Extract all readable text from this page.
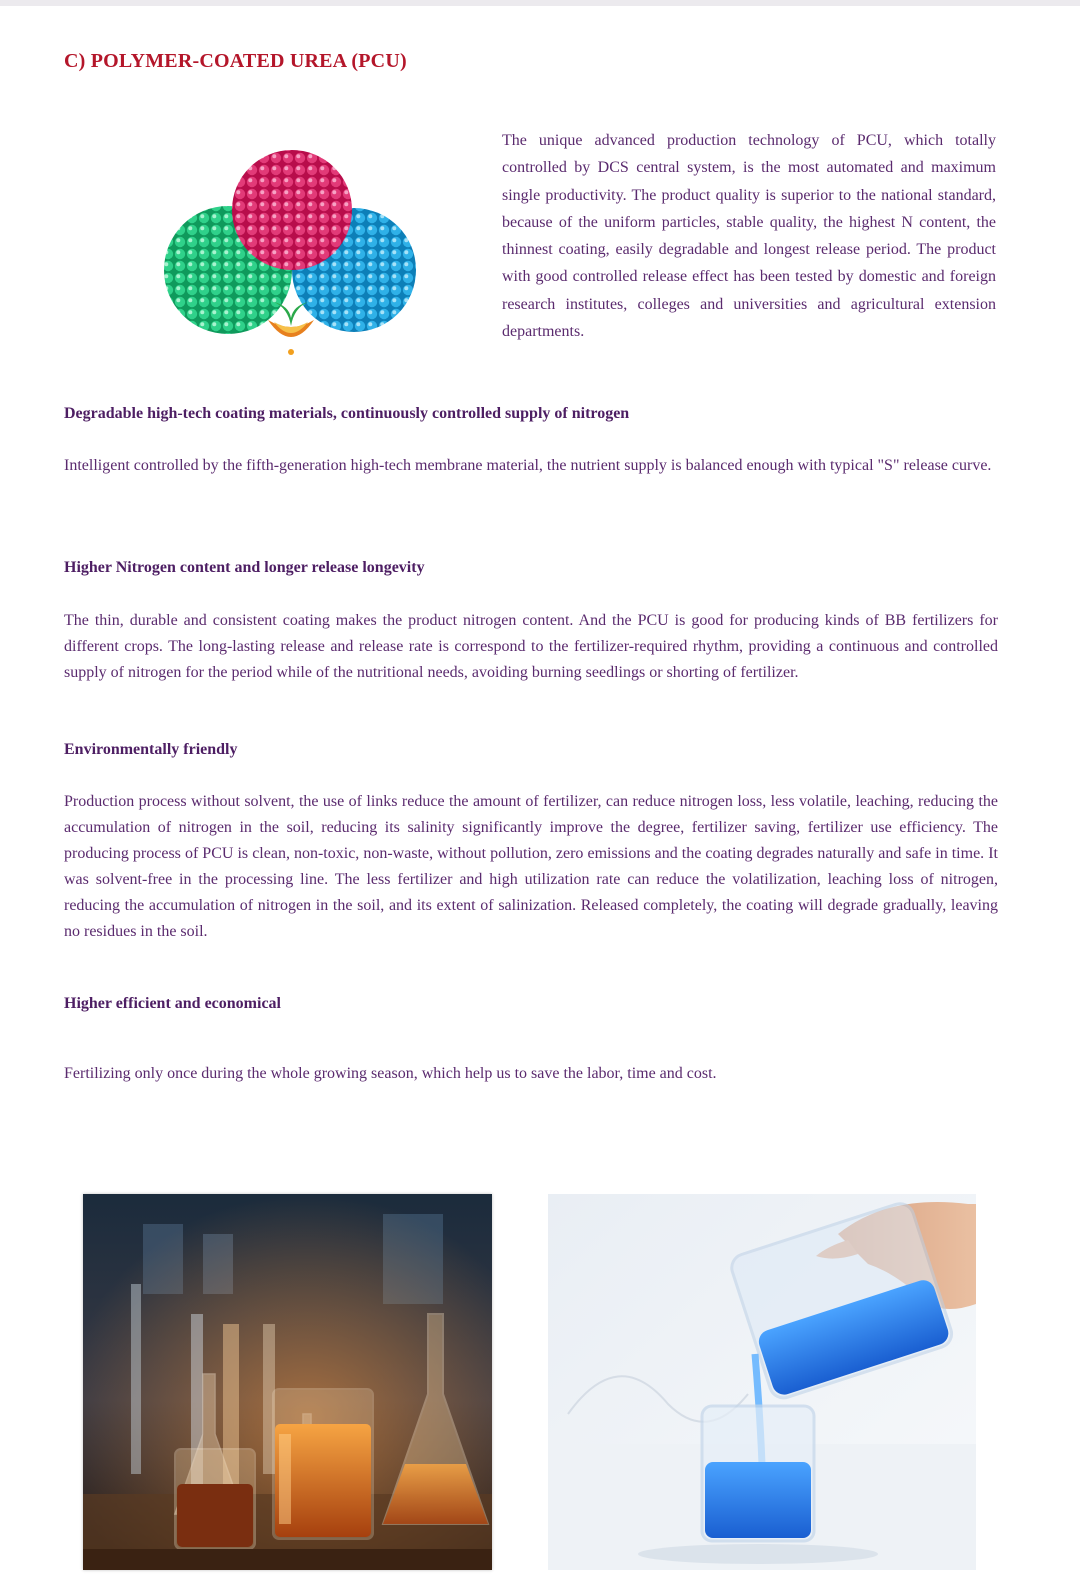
C) POLYMER-COATED UREA (PCU)

The unique advanced production technology of PCU, which totally controlled by DCS central system, is the most automated and maximum single productivity. The product quality is superior to the national standard, because of the uniform particles, stable quality, the highest N content, the thinnest coating, easily degradable and longest release period. The product with good controlled release effect has been tested by domestic and foreign research institutes, colleges and universities and agricultural extension departments.

Degradable high-tech coating materials, continuously controlled supply of nitrogen

Intelligent controlled by the fifth-generation high-tech membrane material, the nutrient supply is balanced enough with typical "S" release curve.

Higher Nitrogen content and longer release longevity

The thin, durable and consistent coating makes the product nitrogen content. And the PCU is good for producing kinds of BB fertilizers for different crops. The long-lasting release and release rate is correspond to the fertilizer-required rhythm, providing a continuous and controlled supply of nitrogen for the period while of the nutritional needs, avoiding burning seedlings or shorting of fertilizer.

Environmentally friendly

Production process without solvent, the use of links reduce the amount of fertilizer, can reduce nitrogen loss, less volatile, leaching, reducing the accumulation of nitrogen in the soil, reducing its salinity significantly improve the degree, fertilizer saving, fertilizer use efficiency. The producing process of PCU is clean, non-toxic, non-waste, without pollution, zero emissions and the coating degrades naturally and safe in time. It was solvent-free in the processing line. The less fertilizer and high utilization rate can reduce the volatilization, leaching loss of nitrogen, reducing the accumulation of nitrogen in the soil, and its extent of salinization. Released completely, the coating will degrade gradually, leaving no residues in the soil.

Higher efficient and economical

Fertilizing only once during the whole growing season, which help us to save the labor, time and cost.
